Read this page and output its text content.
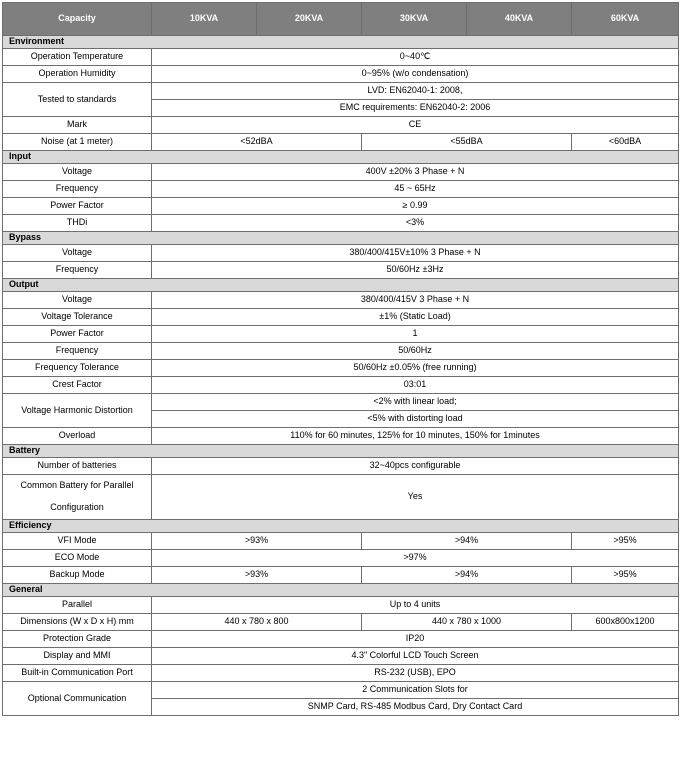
Capacity	10KVA	20KVA	30KVA	40KVA	60KVA
Environment					
Operation Temperature	0~40℃				
Operation Humidity	0~95% (w/o condensation)				
Tested to standards	LVD: EN62040-1: 2008,				
	EMC requirements: EN62040-2: 2006				
Mark	CE				
Noise (at 1 meter)	<52dBA		<55dBA		<60dBA
Input					
Voltage	400V ±20% 3 Phase + N				
Frequency	45 ~ 65Hz				
Power Factor	≥ 0.99				
THDi	<3%				
Bypass					
Voltage	380/400/415V±10% 3 Phase + N				
Frequency	50/60Hz ±3Hz				
Output					
Voltage	380/400/415V 3 Phase + N				
Voltage Tolerance	±1% (Static Load)				
Power Factor	1				
Frequency	50/60Hz				
Frequency Tolerance	50/60Hz ±0.05% (free running)				
Crest Factor	03:01				
Voltage Harmonic Distortion	<2% with linear load;				
	<5% with distorting load				
Overload	110% for 60 minutes, 125% for 10 minutes, 150% for 1minutes				
Battery					
Number of batteries	32~40pcs configurable				

Common Battery for Parallel
Configuration	Yes				
Efficiency					
VFI Mode	>93%		>94%		>95%
ECO Mode	>97%				
Backup Mode	>93%		>94%		>95%
General					
Parallel	Up to 4 units				
Dimensions (W x D x H) mm	440 x 780 x 800		440 x 780 x 1000		600x800x1200
Protection Grade	IP20				
Display and MMI	4.3" Colorful LCD Touch Screen				
Built-in Communication Port	RS-232 (USB), EPO				
Optional Communication	2 Communication Slots for				
	SNMP Card, RS-485 Modbus Card, Dry Contact Card				
